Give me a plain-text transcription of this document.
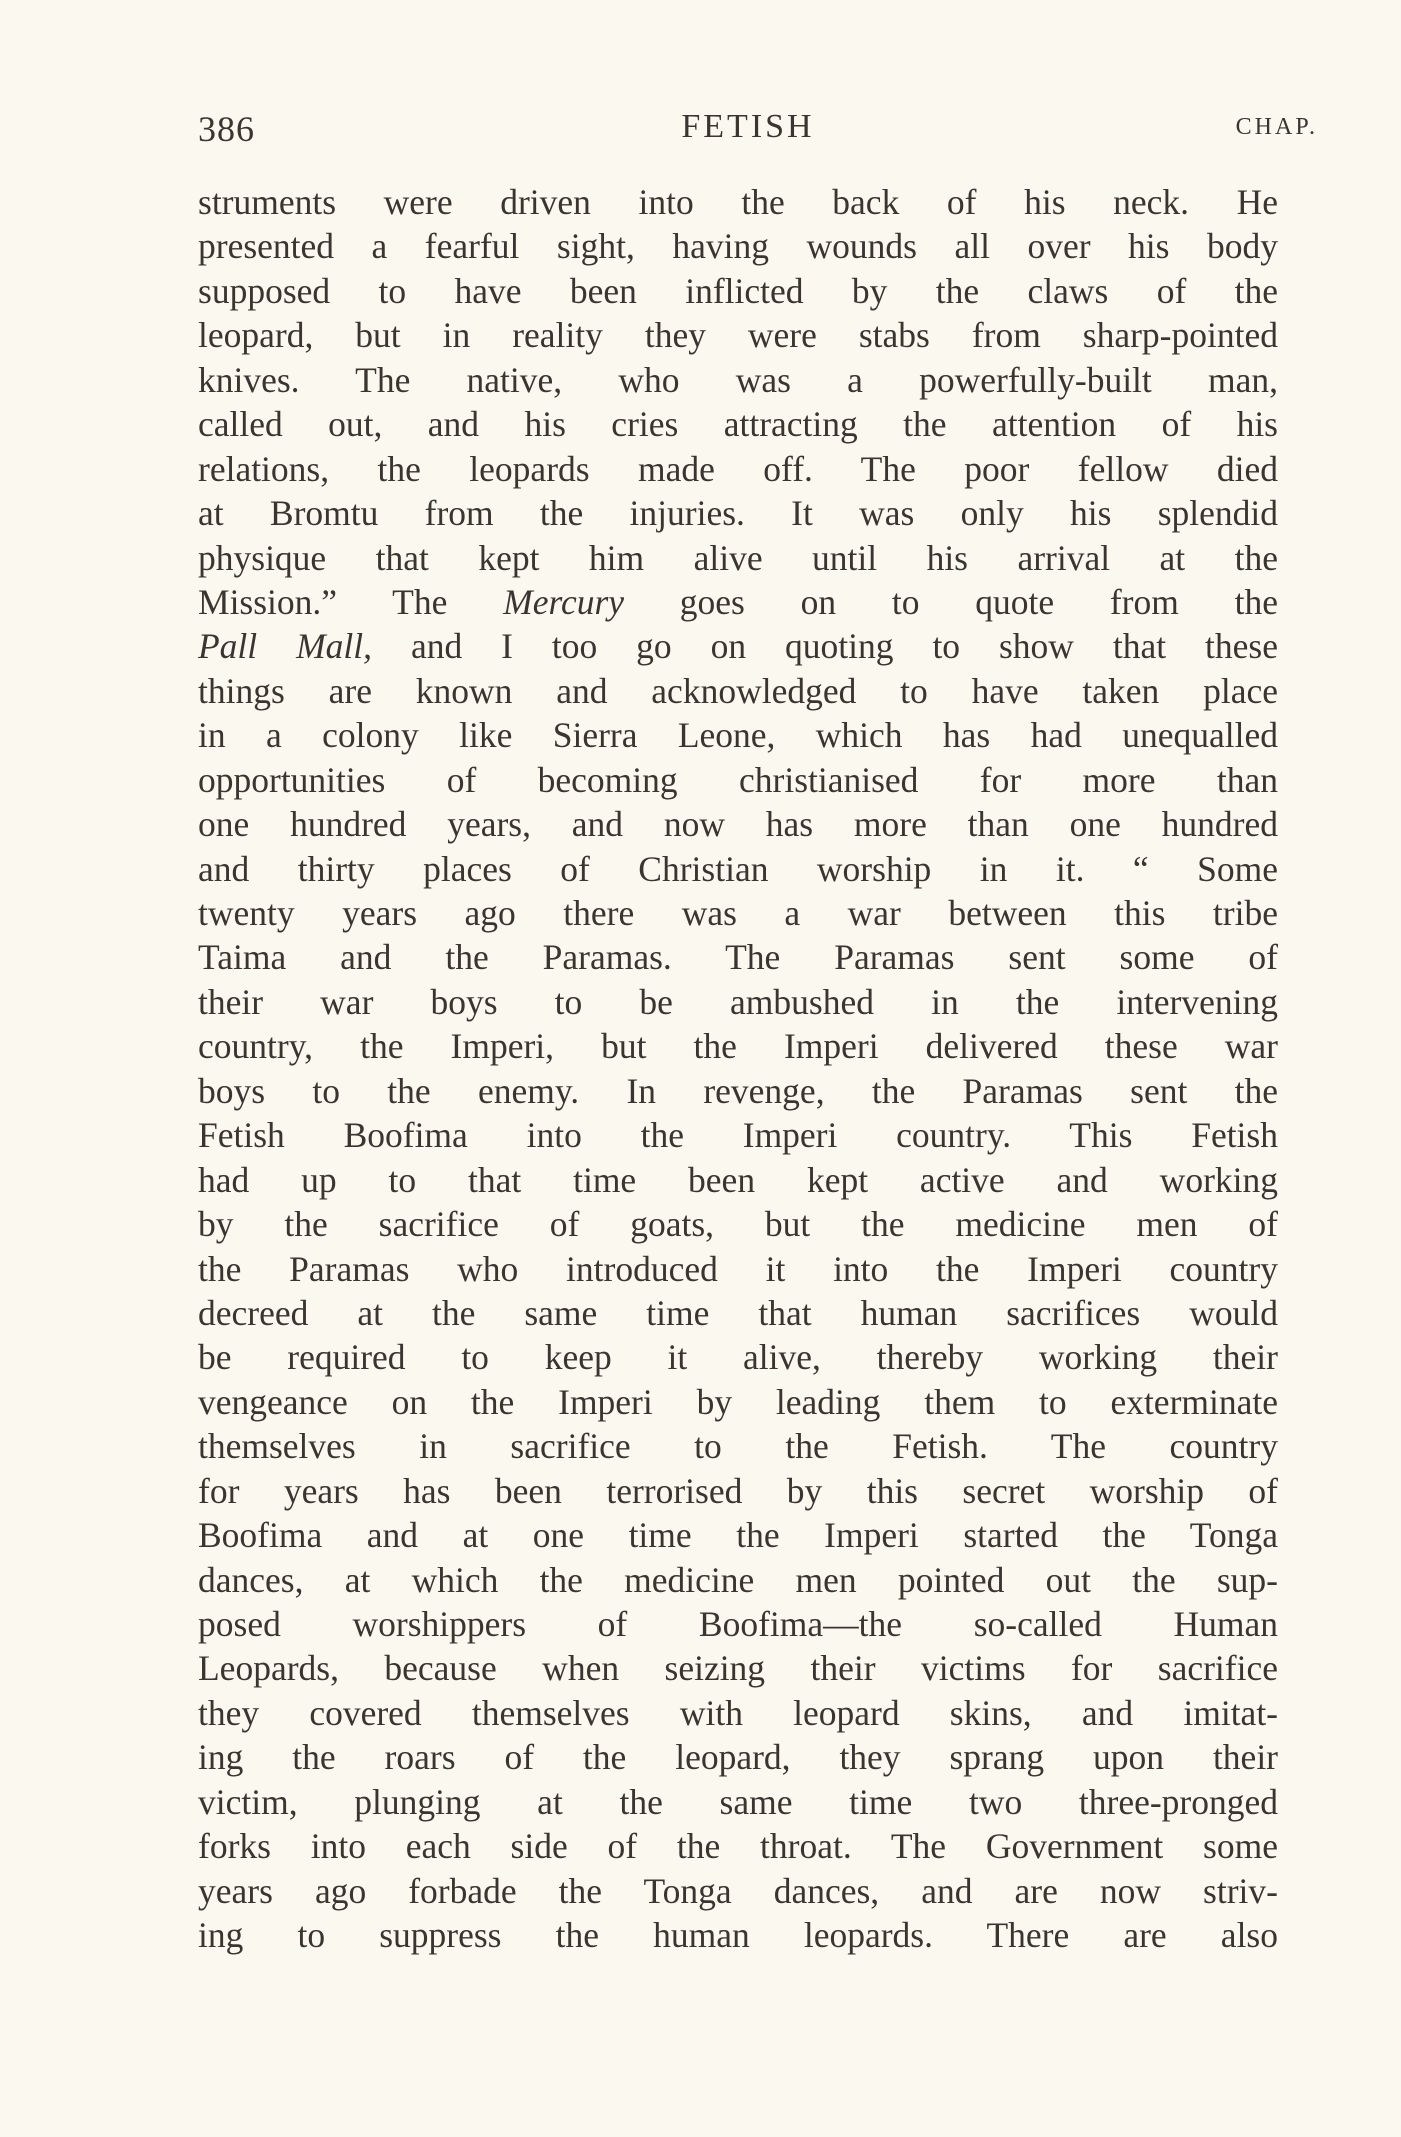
386	FETISH	CHAP.
struments were driven into the back of his neck. He
presented a fearful sight, having wounds all over his body
supposed to have been inflicted by the claws of the
leopard, but in reality they were stabs from sharp-pointed
knives. The native, who was a powerfully-built man,
called out, and his cries attracting the attention of his
relations, the leopards made off. The poor fellow died
at Bromtu from the injuries. It was only his splendid
physique that kept him alive until his arrival at the
Mission.” The Mercury goes on to quote from the
Pall Mall, and I too go on quoting to show that these
things are known and acknowledged to have taken place
in a colony like Sierra Leone, which has had unequalled
opportunities of becoming christianised for more than
one hundred years, and now has more than one hundred
and thirty places of Christian worship in it. “ Some
twenty years ago there was a war between this tribe
Taima and the Paramas. The Paramas sent some of
their war boys to be ambushed in the intervening
country, the Imperi, but the Imperi delivered these war
boys to the enemy. In revenge, the Paramas sent the
Fetish Boofima into the Imperi country. This Fetish
had up to that time been kept active and working
by the sacrifice of goats, but the medicine men of
the Paramas who introduced it into the Imperi country
decreed at the same time that human sacrifices would
be required to keep it alive, thereby working their
vengeance on the Imperi by leading them to exterminate
themselves in sacrifice to the Fetish. The country
for years has been terrorised by this secret worship of
Boofima and at one time the Imperi started the Tonga
dances, at which the medicine men pointed out the sup-
posed worshippers of Boofima—the so-called Human
Leopards, because when seizing their victims for sacrifice
they covered themselves with leopard skins, and imitat-
ing the roars of the leopard, they sprang upon their
victim, plunging at the same time two three-pronged
forks into each side of the throat. The Government some
years ago forbade the Tonga dances, and are now striv-
ing to suppress the human leopards. There are also
